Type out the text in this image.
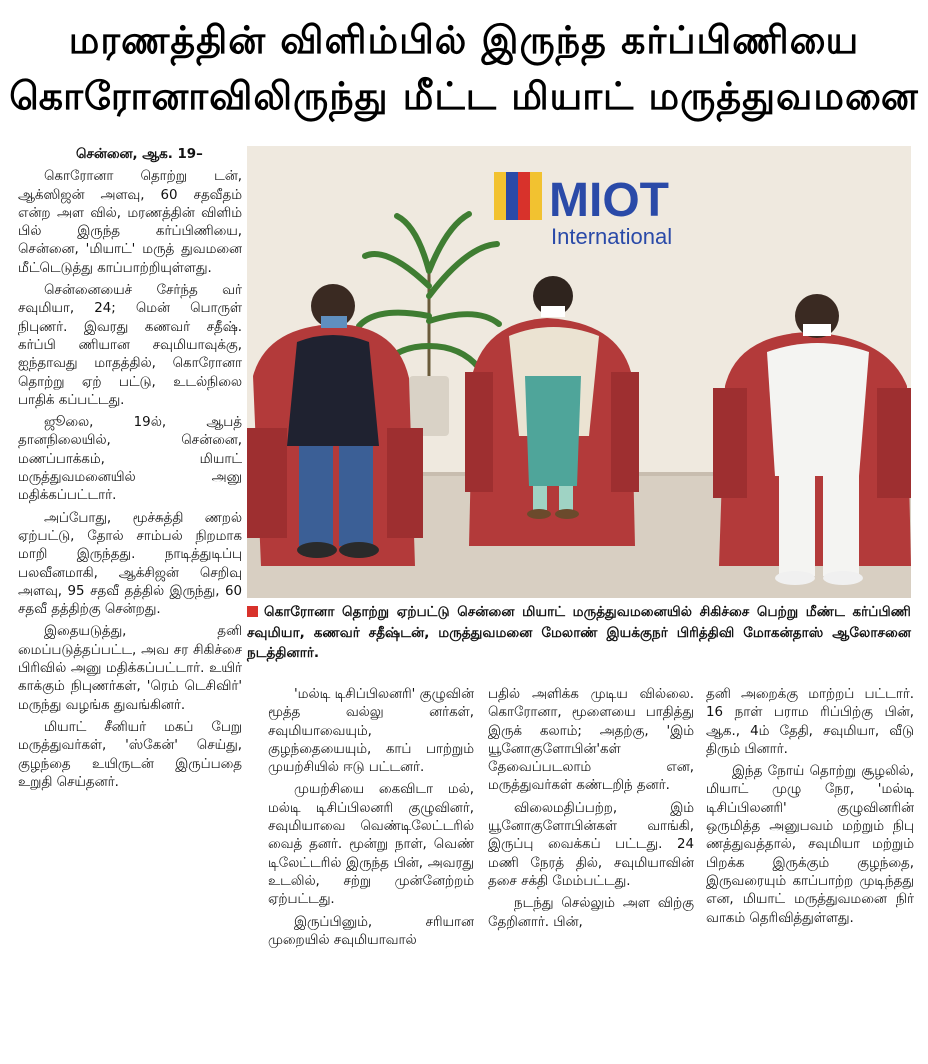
மரணத்தின் விளிம்பில் இருந்த கர்ப்பிணியை
கொரோனாவிலிருந்து மீட்ட மியாட் மருத்துவமனை

சென்னை, ஆக. 19–

கொரோனா தொற்று டன், ஆக்ஸிஜன் அளவு, 60 சதவீதம் என்ற அள வில், மரணத்தின் விளிம் பில் இருந்த கர்ப்பிணியை, சென்னை, 'மியாட்' மருத் துவமனை மீட்டெடுத்து காப்பாற்றியுள்ளது.

சென்னையைச் சேர்ந்த வர் சவுமியா, 24; மென் பொருள் நிபுணர். இவரது கணவர் சதீஷ். கர்ப்பி ணியான சவுமியாவுக்கு, ஐந்தாவது மாதத்தில், கொரோனா தொற்று ஏற் பட்டு, உடல்நிலை பாதிக் கப்பட்டது.

ஜூலை, 19ல், ஆபத் தானநிலையில், சென்னை, மணப்பாக்கம், மியாட் மருத்துவமனையில் அனு மதிக்கப்பட்டார்.

அப்போது, மூச்சுத்தி ணறல் ஏற்பட்டு, தோல் சாம்பல் நிறமாக மாறி இருந்தது. நாடித்துடிப்பு பலவீனமாகி, ஆக்சிஜன் செறிவு அளவு, 95 சதவீ தத்தில் இருந்து, 60 சதவீ தத்திற்கு சென்றது.

இதையடுத்து, தனி மைப்படுத்தப்பட்ட, அவ சர சிகிச்சை பிரிவில் அனு மதிக்கப்பட்டார். உயிர் காக்கும் நிபுணர்கள், 'ரெம் டெசிவிர்' மருந்து வழங்க துவங்கினர்.

மியாட் சீனியர் மகப் பேறு மருத்துவர்கள், 'ஸ்கேன்' செய்து, குழந்தை உயிருடன் இருப்பதை உறுதி செய்தனர்.

MIOT
International
கொரோனா தொற்று ஏற்பட்டு சென்னை மியாட் மருத்துவமனையில் சிகிச்சை பெற்று மீண்ட கர்ப்பிணி சவுமியா, கணவர் சதீஷ்டன், மருத்துவமனை மேலாண் இயக்குநர் பிரித்திவி மோகன்தாஸ் ஆலோசனை நடத்தினார்.

'மல்டி டிசிப்பிலனரி' குழுவின் மூத்த வல்லு னர்கள், சவுமியாவையும், குழந்தையையும், காப் பாற்றும் முயற்சியில் ஈடு பட்டனர்.

முயற்சியை கைவிடா மல், மல்டி டிசிப்பிலனரி குழுவினர், சவுமியாவை வெண்டிலேட்டரில் வைத் தனர். மூன்று நாள், வெண் டிலேட்டரில் இருந்த பின், அவரது உடலில், சற்று முன்னேற்றம் ஏற்பட்டது.

இருப்பினும், சரியான முறையில் சவுமியாவால்

பதில் அளிக்க முடிய வில்லை. கொரோனா, மூளையை பாதித்து இருக் கலாம்; அதற்கு, 'இம் யூனோகுளோபின்'கள் தேவைப்படலாம் என, மருத்துவர்கள் கண்டறிந் தனர்.

விலைமதிப்பற்ற, இம் யூனோகுளோபின்கள் வாங்கி, இருப்பு வைக்கப் பட்டது. 24 மணி நேரத் தில், சவுமியாவின் தசை சக்தி மேம்பட்டது.

நடந்து செல்லும் அள விற்கு தேறினார். பின்,

தனி அறைக்கு மாற்றப் பட்டார். 16 நாள் பராம ரிப்பிற்கு பின், ஆக., 4ம் தேதி, சவுமியா, வீடு திரும் பினார்.

இந்த நோய் தொற்று சூழலில், மியாட் முழு நேர, 'மல்டி டிசிப்பிலனரி' குழுவினரின் ஒருமித்த அனுபவம் மற்றும் நிபு ணத்துவத்தால், சவுமியா மற்றும் பிறக்க இருக்கும் குழந்தை, இருவரையும் காப்பாற்ற முடிந்தது என, மியாட் மருத்துவமனை நிர் வாகம் தெரிவித்துள்ளது.
